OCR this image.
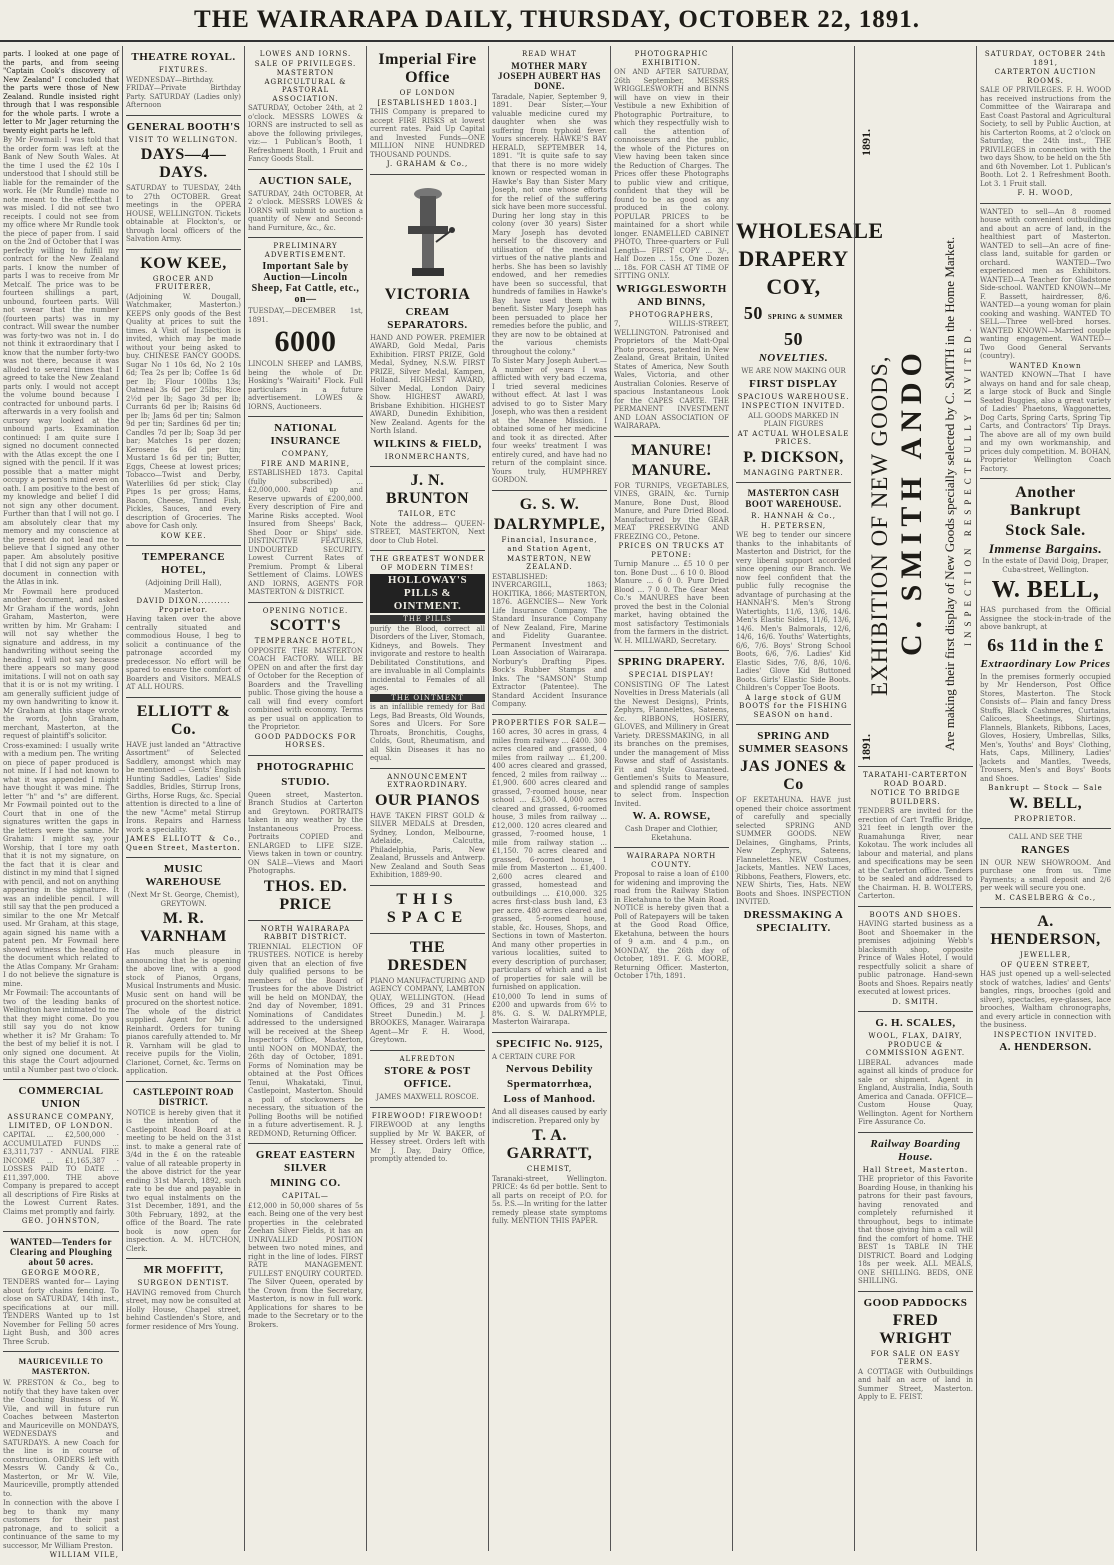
THE WAIRARAPA DAILY, THURSDAY, OCTOBER 22, 1891.

parts. I looked at one page of the parts, and from seeing "Captain Cook's discovery of New Zealand" I concluded that the parts were those of New Zealand. Rundle insisted right through that I was responsible for the whole parts. I wrote a letter to Mr Jager returning the twenty eight parts he left.

By Mr Fowmail: I was told that the order form was left at the Bank of New South Wales. At the time I used the £2 10s I understood that I should still be liable for the remainder of the work. He (Mr Rundle) made no note meant to the effectthat I was misled. I did not see two receipts. I could not see from my office where Mr Rundle took the piece of paper from. I said on the 2nd of October that I was perfectly willing to fulfill my contract for the New Zealand parts. I know the number of parts I was to receive from Mr Metcalf. The price was to be fourteen shillings a part, unbound, fourteen parts. Will not swear that the number (fourteen parts) was in my contract. Will swear the number was forty-two was not in. I do not think it extraordinary that I know that the number forty-two was not there, because it was alluded to several times that I agreed to take the New Zealand parts only. I would not accept the volume bound because I contracted for unbound parts. I afterwards in a very foolish and cursory way looked at the unbound parts. Examination continued: I am quite sure I signed no document connected with the Atlas except the one I signed with the pencil. If it was possible that a matter might occupy a person's mind even on oath. I am positive to the best of my knowledge and belief I did not sign any other document. Further than that I will not go. I am absolutely clear that my memory and my conscience at the present do not lead me to believe that I signed any other paper. Am absolutely positive that I did not sign any paper or document in connection with the Atlas in ink.

Mr Fowmail here produced another document, and asked Mr Graham if the words, John Graham, Masterton, were written by him. Mr Graham: I will not say whether the signature and address, in my handwriting without seeing the heading. I will not say because there appears so many good imitations. I will not on oath say that it is or is not my writing. I am generally sufficient judge of my own handwriting to know it. Mr Graham at this stage wrote the words, John Graham, merchant, Masterton, at the request of plaintiff's solicitor.

Cross-examined: I usually write with a medium pen. The writing on piece of paper produced is not mine. If I had not known to what it was appended I might have thought it was mine. The letter "h" and "s" are different. Mr Fowmail pointed out to the Court that in one of the signatures written the gaps in the letters were the same. Mr Graham: I might say, your Worship, that I tore my oath that it is not my signature, on the fact that it is clear and distinct in my mind that I signed with pencil, and not on anything appearing in the signature. It was an indelible pencil. I will still say that the pen produced a similar to the one Mr Metcalf used. Mr Graham, at this stage, again signed his name with a patent pen. Mr Fowmail here showed witness the heading of the document which related to the Atlas Company. Mr Graham: I do not believe the signature is mine.

Mr Fowmail: The accountants of two of the leading banks of Wellington have intimated to me that they might come. Do you still say you do not know whether it is? Mr Graham: To the best of my belief it is not. I only signed one document. At this stage the Court adjourned until a Number past two o'clock.

COMMERCIAL UNION
ASSURANCE COMPANY, LIMITED, OF LONDON.

CAPITAL ... £2,500,000 · ACCUMULATED FUNDS ... £3,311,737 · ANNUAL FIRE INCOME ... £1,165,387 · LOSSES PAID TO DATE ... £11,397,000. THE above Company is prepared to accept all descriptions of Fire Risks at the Lowest Current Rates. Claims met promptly and fairly.

GEO. JOHNSTON,
WANTED—Tenders for Clearing and Ploughing about 50 acres.
GEORGE MOORE,

TENDERS wanted for— Laying about forty chains fencing. To close on SATURDAY, 14th inst., specifications at our mill. TENDERS Wanted up to 1st November for Felling 50 acres Light Bush, and 300 acres Three Scrub.

MAURICEVILLE TO MASTERTON.

W. PRESTON & Co., beg to notify that they have taken over the Coaching Business of W. Vile, and will in future run Coaches between Masterton and Mauriceville on MONDAYS, WEDNESDAYS and SATURDAYS. A new Coach for the line is in course of construction. ORDERS left with Messrs W. Candy & Co., Masterton, or Mr W. Vile, Mauriceville, promptly attended to.

In connection with the above I beg to thank my many customers for their past patronage, and to solicit a continuance of the same to my successor, Mr William Preston.

WILLIAM VILE,
THEATRE ROYAL.
FIXTURES.

WEDNESDAY—Birthday. FRIDAY—Private Birthday Party. SATURDAY (Ladies only) Afternoon

GENERAL BOOTH'S
VISIT TO WELLINGTON.
DAYS—4—DAYS.

SATURDAY to TUESDAY, 24th to 27th OCTOBER. Great meetings in the OPERA HOUSE, WELLINGTON. Tickets obtainable at Flockton's, or through local officers of the Salvation Army.

KOW KEE,
GROCER AND FRUITERER,

(Adjoining W. Dougall, Watchmaker, Masterton.) KEEPS only goods of the Best Quality at prices to suit the times. A Visit of Inspection is invited, which may be made without your being asked to buy. CHINESE FANCY GOODS. Sugar No 1 10s 6d, No 2 10s 6d; Tea 2s per lb; Coffee 1s 6d per lb; Flour 100lbs 13s; Oatmeal 3s 6d per 25lbs; Rice 2½d per lb; Sago 3d per lb; Currants 6d per lb; Raisins 6d per lb; Jams 6d per tin; Salmon 9d per tin; Sardines 6d per tin; Candles 7d per lb; Soap 3d per bar; Matches 1s per dozen; Kerosene 6s 6d per tin; Mustard 1s 6d per tin; Butter, Eggs, Cheese at lowest prices; Tobacco—Twist and Derby, Waterlilies 6d per stick; Clay Pipes 1s per gross; Hams, Bacon, Cheese, Tinned Fish, Pickles, Sauces, and every description of Groceries. The above for Cash only.

KOW KEE.
TEMPERANCE HOTEL,

(Adjoining Drill Hall), Masterton.

DAVID DIXON.......... Proprietor.

Having taken over the above centrally situated and commodious House, I beg to solicit a continuance of the patronage accorded my predecessor. No effort will be spared to ensure the comfort of Boarders and Visitors. MEALS AT ALL HOURS.

ELLIOTT & Co.

HAVE just landed an "Attractive Assortment" of Selected Saddlery, amongst which may be mentioned — Gents' English Hunting Saddles, Ladies' Side Saddles, Bridles, Stirrup Irons, Girths, Horse Rugs, &c. Special attention is directed to a line of the new "Acme" metal Stirrup Irons. Repairs and Harness work a speciality.

JAMES ELLIOTT & Co., Queen Street, Masterton.

MUSIC WAREHOUSE

(Next Mr St. George, Chemist), GREYTOWN.

M. R. VARNHAM

Has much pleasure in announcing that he is opening the above line, with a good stock of Pianos, Organs, Musical Instruments and Music. Music sent on hand will be procured on the shortest notice. The whole of the district supplied. Agent for Mr G. Reinhardt. Orders for tuning pianos carefully attended to. Mr R. Varnham will be glad to receive pupils for the Violin, Clarionet, Cornet, &c. Terms on application.

CASTLEPOINT ROAD DISTRICT.

NOTICE is hereby given that it is the intention of the Castlepoint Road Board at a meeting to be held on the 31st inst. to make a general rate of 3/4d in the £ on the rateable value of all rateable property in the above district for the year ending 31st March, 1892, such rate to be due and payable in two equal instalments on the 31st December, 1891, and the 30th February, 1892, at the office of the Board. The rate book is now open for inspection. A. M. HUTCHON, Clerk.

MR MOFFITT,
SURGEON DENTIST.

HAVING removed from Church street, may now be consulted at Holly House, Chapel street, behind Castlenden's Store, and former residence of Mrs Young.

LOWES AND IORNS.
SALE OF PRIVILEGES.
MASTERTON AGRICULTURAL & PASTORAL ASSOCIATION.

SATURDAY, October 24th, at 2 o'clock. MESSRS LOWES & IORNS are instructed to sell as above the following privileges, viz:— 1 Publican's Booth, 1 Refreshment Booth, 1 Fruit and Fancy Goods Stall.

AUCTION SALE,

SATURDAY, 24th OCTOBER, At 2 o'clock. MESSRS LOWES & IORNS will submit to auction a quantity of New and Second-hand Furniture, &c., &c.

PRELIMINARY ADVERTISEMENT.
Important Sale by Auction—Lincoln Sheep, Fat Cattle, etc., on—

TUESDAY,—DECEMBER 1st, 1891.

6000

LINCOLN SHEEP and LAMBS, being the whole of Dr. Hosking's "Wairaiti" Flock. Full particulars in a future advertisement. LOWES & IORNS, Auctioneers.

NATIONAL INSURANCE
COMPANY,
FIRE AND MARINE,

ESTABLISHED 1873. Capital (fully subscribed) ... £2,000,000. Paid up and Reserve upwards of £200,000. Every description of Fire and Marine Risks accepted. Wool Insured from Sheeps' Back, Shed Door or Ships' side. DISTINCTIVE FEATURES, UNDOUBTED SECURITY. Lowest Current Rates of Premium. Prompt & Liberal Settlement of Claims. LOWES AND IORNS, AGENTS FOR MASTERTON & DISTRICT.

OPENING NOTICE.
SCOTT'S
TEMPERANCE HOTEL,

OPPOSITE THE MASTERTON COACH FACTORY. WILL BE OPEN on and after the first day of October for the Reception of Boarders and the Travelling public. Those giving the house a call will find every comfort combined with economy. Terms as per usual on application to the Proprietor.

GOOD PADDOCKS FOR HORSES.
PHOTOGRAPHIC
STUDIO.

Queen street, Masterton. Branch Studios at Carterton and Greytown. PORTRAITS taken in any weather by the Instantaneous Process. Portraits COPIED and ENLARGED to LIFE SIZE. Views taken in town or country. ON SALE—Views and Maori Photographs.

THOS. ED. PRICE
NORTH WAIRARAPA RABBIT DISTRICT.

TRIENNIAL ELECTION OF TRUSTEES. NOTICE is hereby given that an election of five duly qualified persons to be members of the Board of Trustees for the above District will be held on MONDAY, the 2nd day of November, 1891. Nominations of Candidates addressed to the undersigned will be received at the Sheep Inspector's Office, Masterton, until NOON on MONDAY, the 26th day of October, 1891. Forms of Nomination may be obtained at the Post Offices Tenui, Whakataki, Tinui, Castlepoint, Masterton. Should a poll of stockowners be necessary, the situation of the Polling Booths will be notified in a future advertisement. R. J. REDMOND, Returning Officer.

GREAT EASTERN SILVER
MINING CO.
CAPITAL—

£12,000 in 50,000 shares of 5s each. Being one of the very best properties in the celebrated Zeehan Silver Fields, it has an UNRIVALLED POSITION between two noted mines, and right in the line of lodes. FIRST RATE MANAGEMENT. FULLEST ENQUIRY COURTED. The Silver Queen, operated by the Crown from the Secretary, Masterton, is now in full work. Applications for shares to be made to the Secretary or to the Brokers.

Imperial Fire Office
OF LONDON
[ESTABLISHED 1803.]

THIS Company is prepared to accept FIRE RISKS at lowest current rates. Paid Up Capital and Invested Funds—ONE MILLION NINE HUNDRED THOUSAND POUNDS.

J. GRAHAM & Co.,
VICTORIA
CREAM SEPARATORS.

HAND AND POWER. PREMIER AWARD, Gold Medal, Paris Exhibition. FIRST PRIZE, Gold Medal, Sydney, N.S.W. FIRST PRIZE, Silver Medal, Kampen, Holland. HIGHEST AWARD, Silver Medal, London Dairy Show. HIGHEST AWARD, Brisbane Exhibition. HIGHEST AWARD, Dunedin Exhibition, New Zealand. Agents for the North Island.

WILKINS & FIELD,
IRONMERCHANTS,
J. N. BRUNTON
TAILOR, ETC

Note the address— QUEEN-STREET, MASTERTON, Next door to Club Hotel.

THE GREATEST WONDER OF MODERN TIMES!
HOLLOWAY'S PILLS & OINTMENT.
THE PILLS

purify the Blood, correct all Disorders of the Liver, Stomach, Kidneys, and Bowels. They invigorate and restore to health Debilitated Constitutions, and are invaluable in all Complaints incidental to Females of all ages.

THE OINTMENT

is an infallible remedy for Bad Legs, Bad Breasts, Old Wounds, Sores and Ulcers. For Sore Throats, Bronchitis, Coughs, Colds, Gout, Rheumatism, and all Skin Diseases it has no equal.

ANNOUNCEMENT EXTRAORDINARY.
OUR PIANOS

HAVE TAKEN FIRST GOLD & SILVER MEDALS at Dresden, Sydney, London, Melbourne, Adelaide, Calcutta, Philadelphia, Paris, New Zealand, Brussels and Antwerp. New Zealand and South Seas Exhibition, 1889-90.

THIS SPACE
THE DRESDEN

PIANO MANUFACTURING AND AGENCY COMPANY, LAMBTON QUAY, WELLINGTON. (Head Offices, 29 and 31 Princes Street Dunedin.) M. J. BROOKES, Manager. Wairarapa Agent—Mr F. H. Wood, Greytown.

ALFREDTON
STORE & POST OFFICE.

JAMES MAXWELL ROSCOE.

FIREWOOD! FIREWOOD!

FIREWOOD at any lengths supplied by Mr W. BAKER, of Hessey street. Orders left with Mr J. Day, Dairy Office, promptly attended to.

READ WHAT
MOTHER MARY JOSEPH AUBERT HAS DONE.

Taradale, Napier, September 9, 1891. Dear Sister,—Your valuable medicine cured my daughter when she was suffering from typhoid fever. Yours sincerely. HAWKE'S BAY HERALD, SEPTEMBER 14, 1891. "It is quite safe to say that there is no more widely known or respected woman in Hawke's Bay than Sister Mary Joseph, not one whose efforts for the relief of the suffering sick have been more successful. During her long stay in this colony (over 30 years) Sister Mary Joseph has devoted herself to the discovery and utilisation of the medicinal virtues of the native plants and herbs. She has been so lavishly endowed, and her remedies have been so successful, that hundreds of families in Hawke's Bay have used them with benefit. Sister Mary Joseph has been persuaded to place her remedies before the public, and they are now to be obtained at the various chemists throughout the colony."

To Sister Mary Joseph Aubert.—A number of years I was afflicted with very bad eczema, I tried several medicines without effect. At last I was advised to go to Sister Mary Joseph, who was then a resident at the Meanee Mission. I obtained some of her medicine and took it as directed. After four weeks' treatment I was entirely cured, and have had no return of the complaint since. Yours truly, HUMPHREY GORDON.

G. S. W.
DALRYMPLE,
Financial, Insurance,
and Station Agent,
MASTERTON, NEW ZEALAND.

ESTABLISHED: INVERCARGILL, 1863; HOKITIKA, 1866; MASTERTON, 1876. AGENCIES— New York Life Insurance Company. The Standard Insurance Company of New Zealand, Fire, Marine and Fidelity Guarantee. Permanent Investment and Loan Association of Wairarapa. Norbury's Drafting Pipes. Bock's Rubber Stamps and Inks. The "SAMSON" Stump Extractor (Patentee). The Standard Accident Insurance Company.

PROPERTIES FOR SALE—

160 acres, 30 acres in grass, 4 miles from railway ... £400. 300 acres cleared and grassed, 4 miles from railway ... £1,200. 400 acres cleared and grassed, fenced, 2 miles from railway ... £1,900. 600 acres cleared and grassed, 7-roomed house, near school ... £3,500. 4,000 acres cleared and grassed, 6-roomed house, 3 miles from railway ... £12,000. 120 acres cleared and grassed, 7-roomed house, 1 mile from railway station ... £1,150. 70 acres cleared and grassed, 6-roomed house, 1 mile from Masterton ... £1,400. 2,600 acres cleared and grassed, homestead and outbuildings ... £10,000. 325 acres first-class bush land, £3 per acre. 480 acres cleared and grassed, 5-roomed house, stable, &c. Houses, Shops, and Sections in town of Masterton. And many other properties in various localities, suited to every description of purchaser, particulars of which and a list of properties for sale will be furnished on application.

£10,000 To lend in sums of £200 and upwards from 6½ to 8%. G. S. W. DALRYMPLE, Masterton Wairarapa.

SPECIFIC No. 9125,

A CERTAIN CURE FOR

Nervous Debility
Spermatorrhœa,
Loss of Manhood.

And all diseases caused by early indiscretion. Prepared only by

T. A. GARRATT,
CHEMIST,

Taranaki-street, Wellington. PRICE: 4s 6d per bottle. Sent to all parts on receipt of P.O. for 5s. P.S.—In writing for the latter remedy please state symptoms fully. MENTION THIS PAPER.

PHOTOGRAPHIC EXHIBITION.

ON AND AFTER SATURDAY, 26th September, MESSRS WRIGGLESWORTH and BINNS will have on view in their Vestibule a new Exhibition of Photographic Portraiture, to which they respectfully wish to call the attention of connoisseurs and the public, the whole of the Pictures on View having been taken since the Reduction of Charges. The Prices offer these Photographs to public view and critique, confident that they will be found to be as good as any produced in the colony. POPULAR PRICES to be maintained for a short while longer. ENAMELLED CABINET PHOTO, Three-quarters or Full Length— FIRST COPY ... 3/-, Half Dozen ... 15s, One Dozen ... 18s. FOR CASH AT TIME OF SITTING ONLY.

WRIGGLESWORTH AND BINNS,
PHOTOGRAPHERS,

7, WILLIS-STREET, WELLINGTON. Patronised and Proprietors of the Matt-Opal Photo process, patented in New Zealand, Great Britain, United States of America, New South Wales, Victoria, and other Australian Colonies. Reserve of spacious Instantaneous Look for the CAPES CARTE. THE PERMANENT INVESTMENT AND LOAN ASSOCIATION OF WAIRARAPA.

MANURE!
MANURE.

FOR TURNIPS, VEGETABLES, VINES, GRAIN, &c. Turnip Manure, Bone Dust, Blood Manure, and Pure Dried Blood. Manufactured by the GEAR MEAT PRESERVING AND FREEZING CO., Petone.

PRICES ON TRUCKS AT PETONE:

Turnip Manure ... £5 10 0 per ton. Bone Dust ... 6 10 0. Blood Manure ... 6 0 0. Pure Dried Blood ... 7 0 0. The Gear Meat Co.'s MANURES have been proved the best in the Colonial market, having obtained the most satisfactory Testimonials from the farmers in the district. W. H. MILLWARD, Secretary.

SPRING DRAPERY.
SPECIAL DISPLAY!

CONSISTING OF The Latest Novelties in Dress Materials (all the Newest Designs), Prints, Zephyrs, Flannelettes, Sateens, &c. RIBBONS, HOSIERY, GLOVES, and Millinery in Great Variety. DRESSMAKING, in all its branches on the premises, under the management of Miss Rowse and staff of Assistants. Fit and Style Guaranteed. Gentlemen's Suits to Measure, and splendid range of samples to select from. Inspection Invited.

W. A. ROWSE,

Cash Draper and Clothier, Eketahuna.

WAIRARAPA NORTH COUNTY.

Proposal to raise a loan of £100 for widening and improving the road from the Railway Station in Eketahuna to the Main Road. NOTICE is hereby given that a Poll of Ratepayers will be taken at the Good Road Office, Eketahuna, between the hours of 9 a.m. and 4 p.m., on MONDAY, the 26th day of October, 1891. F. G. MOORE, Returning Officer. Masterton, October 17th, 1891.

WHOLESALE
DRAPERY
COY,
50 SPRING & SUMMER 50
NOVELTIES.

WE ARE NOW MAKING OUR

FIRST DISPLAY
SPACIOUS WAREHOUSE.
INSPECTION INVITED.

ALL GOODS MARKED IN PLAIN FIGURES

AT ACTUAL WHOLESALE PRICES.
P. DICKSON,
MANAGING PARTNER.
MASTERTON CASH BOOT WAREHOUSE.
R. HANNAH & Co.,
H. PETERSEN,

WE beg to tender our sincere thanks to the inhabitants of Masterton and District, for the very liberal support accorded since opening our Branch. We now feel confident that the public fully recognise the advantage of purchasing at the HANNAH'S. Men's Strong Watertights, 11/6, 13/6, 14/6. Men's Elastic Sides, 11/6, 13/6, 14/6. Men's Balmorals, 12/6, 14/6, 16/6. Youths' Watertights, 6/6, 7/6. Boys' Strong School Boots, 6/6, 7/6. Ladies' Kid Elastic Sides, 7/6, 8/6, 10/6. Ladies' Glove Kid Buttoned Boots. Girls' Elastic Side Boots. Children's Copper Toe Boots.

A large stock of GUM BOOTS for the FISHING SEASON on hand.
SPRING AND SUMMER SEASONS
JAS JONES & Co

OF EKETAHUNA. HAVE just opened their choice assortment of carefully and specially selected SPRING AND SUMMER GOODS. NEW Delaines, Ginghams, Prints, New Zephyrs, Sateens, Flannelettes. NEW Costumes, Jackets, Mantles. NEW Laces, Ribbons, Feathers, Flowers, etc. NEW Shirts, Ties, Hats. NEW Boots and Shoes. INSPECTION INVITED.

DRESSMAKING A SPECIALITY.
1891.
1891.
EXHIBITION OF NEW GOODS, C. SMITH ANDO Are making their first display of New Goods specially selected by C. SMITH in the Home Market. INSPECTION RESPECTFULLY INVITED.
TARATAHI-CARTERTON ROAD BOARD.
NOTICE TO BRIDGE BUILDERS.

TENDERS are invited for the erection of Cart Traffic Bridge, 321 feet in length over the Ruamahunga River, near Kokotau. The work includes all labour and material, and plans and specifications may be seen at the Carterton office. Tenders to be sealed and addressed to the Chairman. H. B. WOLTERS, Carterton.

BOOTS AND SHOES.

HAVING started business as a Boot and Shoemaker in the premises adjoining Webb's blacksmith shop, opposite Prince of Wales Hotel, I would respectfully solicit a share of public patronage. Hand-sewn Boots and Shoes. Repairs neatly executed at lowest prices.

D. SMITH.
G. H. SCALES,
WOOL, FLAX, DAIRY, PRODUCE & COMMISSION AGENT.

LIBERAL advances made against all kinds of produce for sale or shipment. Agent in England, Australia, India, South America and Canada. OFFICE—Custom House Quay, Wellington. Agent for Northern Fire Assurance Co.

Railway Boarding House.
Hall Street, Masterton.

THE proprietor of this Favorite Boarding House, in thanking his patrons for their past favours, having renovated and completely refurnished it throughout, begs to intimate that those giving him a call will find the comfort of home. THE BEST 1s TABLE IN THE DISTRICT. Board and Lodging 18s per week. ALL MEALS, ONE SHILLING. BEDS, ONE SHILLING.

GOOD PADDOCKS
FRED WRIGHT
FOR SALE ON EASY TERMS.

A COTTAGE with Outbuildings and half an acre of land in Summer Street, Masterton. Apply to E. FEIST.

SATURDAY, OCTOBER 24th 1891,
CARTERTON AUCTION ROOMS.

SALE OF PRIVILEGES. F. H. WOOD has received instructions from the Committee of the Wairarapa and East Coast Pastoral and Agricultural Society, to sell by Public Auction, at his Carterton Rooms, at 2 o'clock on Saturday, the 24th inst., THE PRIVILEGES in connection with the two days Show, to be held on the 5th and 6th November. Lot 1. Publican's Booth. Lot 2. 1 Refreshment Booth. Lot 3. 1 Fruit stall.

F. H. WOOD,

WANTED to sell—An 8 roomed house with convenient outbuildings and about an acre of land, in the healthiest part of Masterton. WANTED to sell—An acre of fine-class land, suitable for garden or orchard. WANTED—Two experienced men as Exhibitors. WANTED—A Teacher for Gladstone Side-school. WANTED KNOWN—Mr F. Bassett, hairdresser, 8/6. WANTED—a young woman for plain cooking and washing. WANTED TO SELL—Three well-bred horses. WANTED KNOWN—Married couple wanting engagement. WANTED—Two Good General Servants (country).

WANTED Known

WANTED KNOWN—That I have always on hand and for sale cheap, a large stock of Buck and Single Seated Buggies, also a great variety of Ladies' Phaetons, Waggonettes, Dog Carts, Spring Carts, Spring Tip Carts, and Contractors' Tip Drays. The above are all of my own build and my own workmanship, and prices duly competition. M. BOHAN, Proprietor Wellington Coach Factory.

Another Bankrupt
Stock Sale.
Immense Bargains.

In the estate of David Doig, Draper, Cuba-street, Wellington.

W. BELL,

HAS purchased from the Official Assignee the stock-in-trade of the above bankrupt, at

6s 11d in the £
Extraordinary Low Prices

In the premises formerly occupied by Mr Henderson, Post Office Stores, Masterton. The Stock Consists of— Plain and fancy Dress Stuffs, Black Cashmeres, Curtains, Calicoes, Sheetings, Shirtings, Flannels, Blankets, Ribbons, Laces, Gloves, Hosiery, Umbrellas, Silks, Men's, Youths' and Boys' Clothing, Hats, Caps, Millinery, Ladies' Jackets and Mantles, Tweeds, Trousers, Men's and Boys' Boots and Shoes.

Bankrupt — Stock — Sale
W. BELL,
PROPRIETOR.

CALL AND SEE THE

RANGES

IN OUR NEW SHOWROOM. And purchase one from us. Time Payments; a small deposit and 2/6 per week will secure you one.

M. CASELBERG & Co.,
A. HENDERSON,
JEWELLER,
OF QUEEN STREET,

HAS just opened up a well-selected stock of watches, ladies' and Gents' bangles, rings, brooches (gold and silver), spectacles, eye-glasses, lace brooches, Waltham chronographs, and every article in connection with the business.

INSPECTION INVITED.
A. HENDERSON.
